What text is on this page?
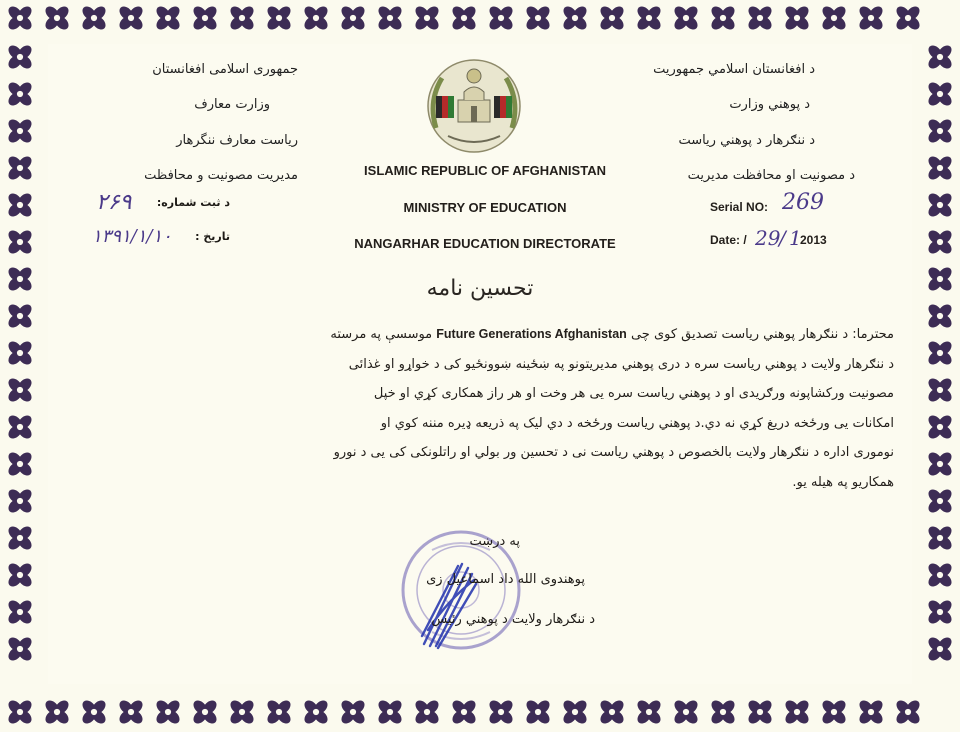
د افغانستان اسلامي جمهوریت
د پوهني وزارت
د ننګرهار د پوهني ریاست
د مصونیت او محافظت مدیریت
جمهوری اسلامی افغانستان
وزارت معارف
ریاست معارف ننگرهار
مدیریت مصونیت و محافظت
د ثبت شماره:
۲۶۹
تاریخ :
۱۳۹۱/۱/۱۰
Serial NO: 269
Date: / 29
/ 1
2013
ISLAMIC REPUBLIC OF AFGHANISTAN
MINISTRY OF EDUCATION
NANGARHAR EDUCATION DIRECTORATE
تحسین نامه

محترما: د ننګرهار پوهني ریاست تصدیق کوی چی Future Generations Afghanistan موسسې په مرسته

د ننګرهار ولایت د پوهني ریاست سره د دری پوهني مدیریتونو په ښځینه ښوونځیو کی د خواړو او غذائی

مصونیت ورکشاپونه ورګریدی او د پوهني ریاست سره یی هر وخت او هر راز همکاری کړي او خپل

امکانات یی ورځخه دریغ کړي نه دي.د پوهني ریاست ورځخه د دي لیک په ذریعه ډیره مننه کوي او

نوموری اداره د ننګرهار ولایت بالخصوص د پوهني ریاست نی د تحسین ور بولي او راتلونکی کی یی د نورو

همکاریو په هیله یو.

په درښت
پوهندوی الله داد اسماعیل زی
د ننګرهار ولایت د پوهني رئیس
